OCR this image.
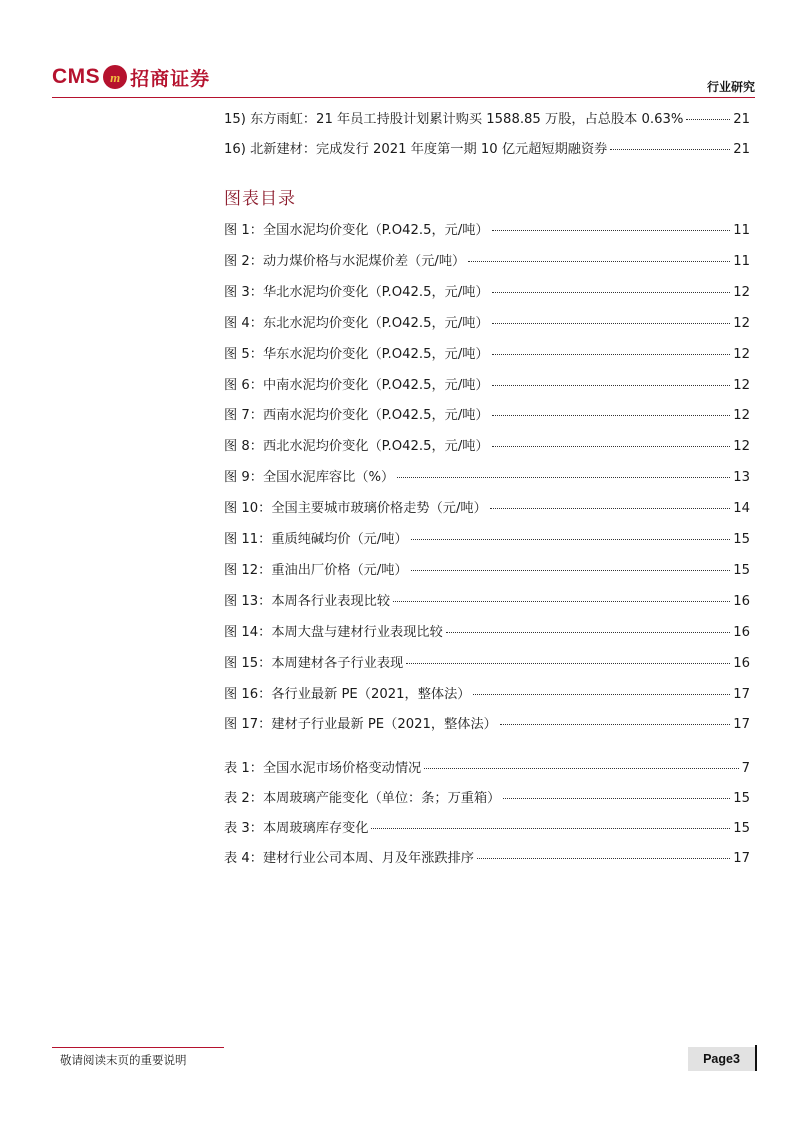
CMS m 招商证券	行业研究
15) 东方雨虹：21 年员工持股计划累计购买 1588.85 万股，占总股本 0.63%	21
16) 北新建材：完成发行 2021 年度第一期 10 亿元超短期融资券	21
图表目录
图 1：全国水泥均价变化（P.O42.5，元/吨）	11
图 2：动力煤价格与水泥煤价差（元/吨）	11
图 3：华北水泥均价变化（P.O42.5，元/吨）	12
图 4：东北水泥均价变化（P.O42.5，元/吨）	12
图 5：华东水泥均价变化（P.O42.5，元/吨）	12
图 6：中南水泥均价变化（P.O42.5，元/吨）	12
图 7：西南水泥均价变化（P.O42.5，元/吨）	12
图 8：西北水泥均价变化（P.O42.5，元/吨）	12
图 9：全国水泥库容比（%）	13
图 10：全国主要城市玻璃价格走势（元/吨）	14
图 11：重质纯碱均价（元/吨）	15
图 12：重油出厂价格（元/吨）	15
图 13：本周各行业表现比较	16
图 14：本周大盘与建材行业表现比较	16
图 15：本周建材各子行业表现	16
图 16：各行业最新 PE（2021，整体法）	17
图 17：建材子行业最新 PE（2021，整体法）	17
表 1：全国水泥市场价格变动情况	7
表 2：本周玻璃产能变化（单位：条；万重箱）	15
表 3：本周玻璃库存变化	15
表 4：建材行业公司本周、月及年涨跌排序	17
敬请阅读末页的重要说明	Page3
